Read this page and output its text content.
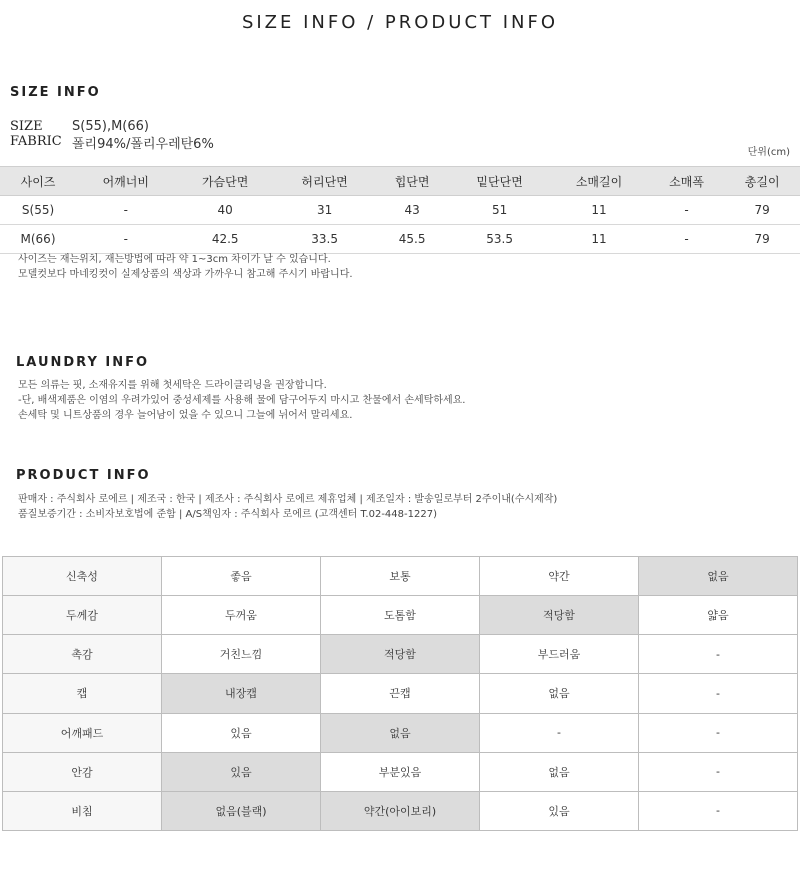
SIZE INFO / PRODUCT INFO
SIZE INFO
SIZE S(55),M(66)
FABRIC 폴리94%/폴리우레탄6%
단위(cm)
사이즈	어깨너비	가슴단면	허리단면	힙단면	밑단단면	소매길이	소매폭	총길이
S(55)	-	40	31	43	51	11	-	79
M(66)	-	42.5	33.5	45.5	53.5	11	-	79
사이즈는 재는위치, 재는방법에 따라 약 1~3cm 차이가 날 수 있습니다.
모델컷보다 마네킹컷이 실제상품의 색상과 가까우니 참고해 주시기 바랍니다.
LAUNDRY INFO
모든 의류는 핏, 소재유지를 위해 첫세탁은 드라이클리닝을 권장합니다.
-단, 배색제품은 이염의 우려가있어 중성세제를 사용해 물에 담구어두지 마시고 찬물에서 손세탁하세요.
손세탁 및 니트상품의 경우 늘어남이 었을 수 있으니 그늘에 뉘어서 말리세요.
PRODUCT INFO
판매자 : 주식회사 로에르 | 제조국 : 한국 | 제조사 : 주식회사 로에르 제휴업체 | 제조일자 : 발송일로부터 2주이내(수시제작)
품질보증기간 : 소비자보호법에 준함 | A/S책임자 : 주식회사 로에르 (고객센터 T.02-448-1227)
신축성	좋음	보통	약간	없음
두께감	두꺼움	도톰함	적당함	얇음
촉감	거친느낌	적당함	부드러움	-
캡	내장캡	끈캡	없음	-
어깨패드	있음	없음	-	-
안감	있음	부분있음	없음	-
비침	없음(블랙)	약간(아이보리)	있음	-
